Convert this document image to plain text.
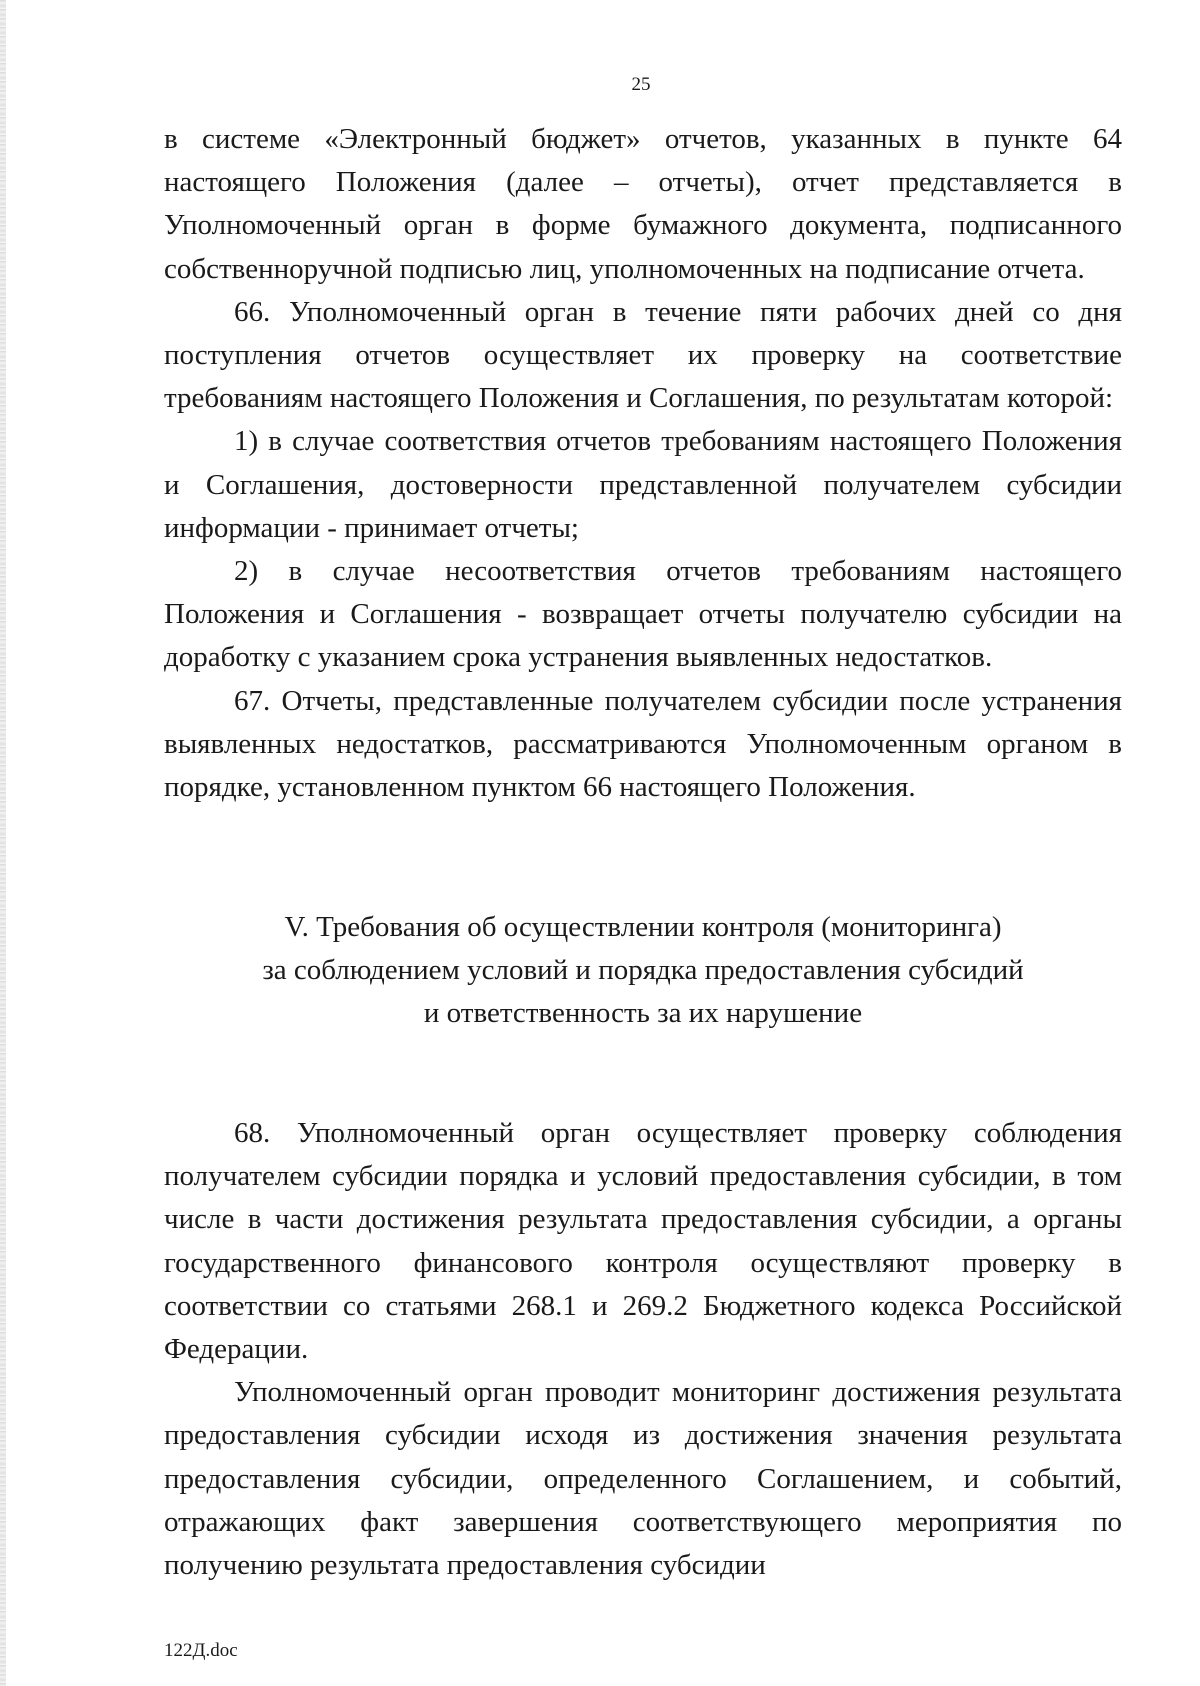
25

в системе «Электронный бюджет» отчетов, указанных в пункте 64 настоящего Положения (далее – отчеты), отчет представляется в Уполномоченный орган в форме бумажного документа, подписанного собственноручной подписью лиц, уполномоченных на подписание отчета.

66. Уполномоченный орган в течение пяти рабочих дней со дня поступления отчетов осуществляет их проверку на соответствие требованиям настоящего Положения и Соглашения, по результатам которой:

1) в случае соответствия отчетов требованиям настоящего Положения и Соглашения, достоверности представленной получателем субсидии информации - принимает отчеты;

2) в случае несоответствия отчетов требованиям настоящего Положения и Соглашения - возвращает отчеты получателю субсидии на доработку с указанием срока устранения выявленных недостатков.

67. Отчеты, представленные получателем субсидии после устранения выявленных недостатков, рассматриваются Уполномоченным органом в порядке, установленном пунктом 66 настоящего Положения.

V. Требования об осуществлении контроля (мониторинга)
за соблюдением условий и порядка предоставления субсидий
и ответственность за их нарушение

68. Уполномоченный орган осуществляет проверку соблюдения получателем субсидии порядка и условий предоставления субсидии, в том числе в части достижения результата предоставления субсидии, а органы государственного финансового контроля осуществляют проверку в соответствии со статьями 268.1 и 269.2 Бюджетного кодекса Российской Федерации.

Уполномоченный орган проводит мониторинг достижения результата предоставления субсидии исходя из достижения значения результата предоставления субсидии, определенного Соглашением, и событий, отражающих факт завершения соответствующего мероприятия по получению результата предоставления субсидии

122Д.doc
